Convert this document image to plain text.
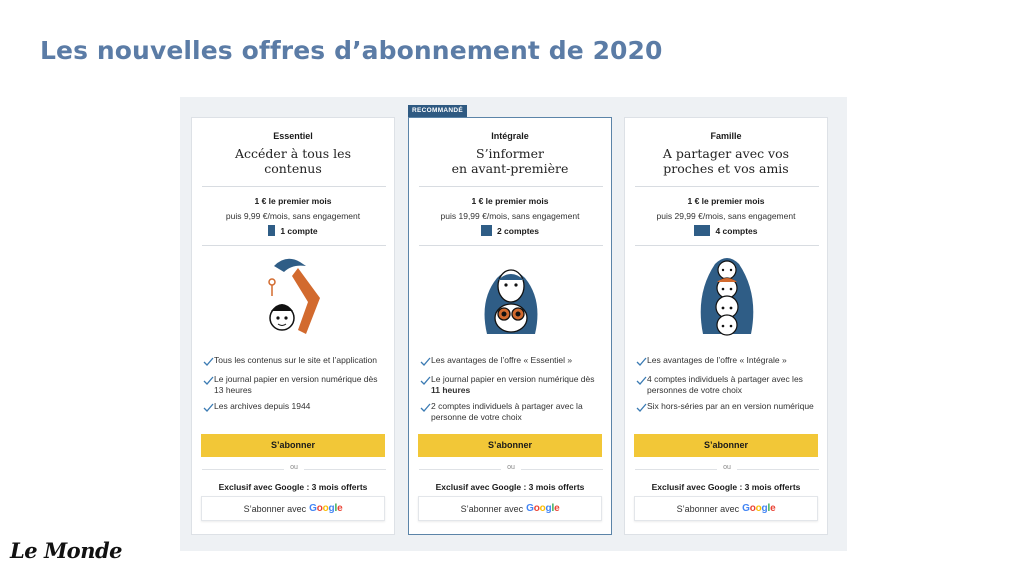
Les nouvelles offres d’abonnement de 2020
RECOMMANDÉ
Essentiel
Accéder à tous les
contenus
1 € le premier mois
puis 9,99 €/mois, sans engagement
1 compte
Tous les contenus sur le site et l’application
Le journal papier en version numérique dès 13 heures
Les archives depuis 1944
S’abonner
ou
Exclusif avec Google : 3 mois offerts
S’abonner avec Google
Intégrale
S’informer
en avant-première
1 € le premier mois
puis 19,99 €/mois, sans engagement
2 comptes
Les avantages de l’offre « Essentiel »
Le journal papier en version numérique dès 11 heures
2 comptes individuels à partager avec la personne de votre choix
S’abonner
ou
Exclusif avec Google : 3 mois offerts
S’abonner avec Google
Famille
A partager avec vos
proches et vos amis
1 € le premier mois
puis 29,99 €/mois, sans engagement
4 comptes
Les avantages de l’offre « Intégrale »
4 comptes individuels à partager avec les personnes de votre choix
Six hors-séries par an en version numérique
S’abonner
ou
Exclusif avec Google : 3 mois offerts
S’abonner avec Google
Le Monde
